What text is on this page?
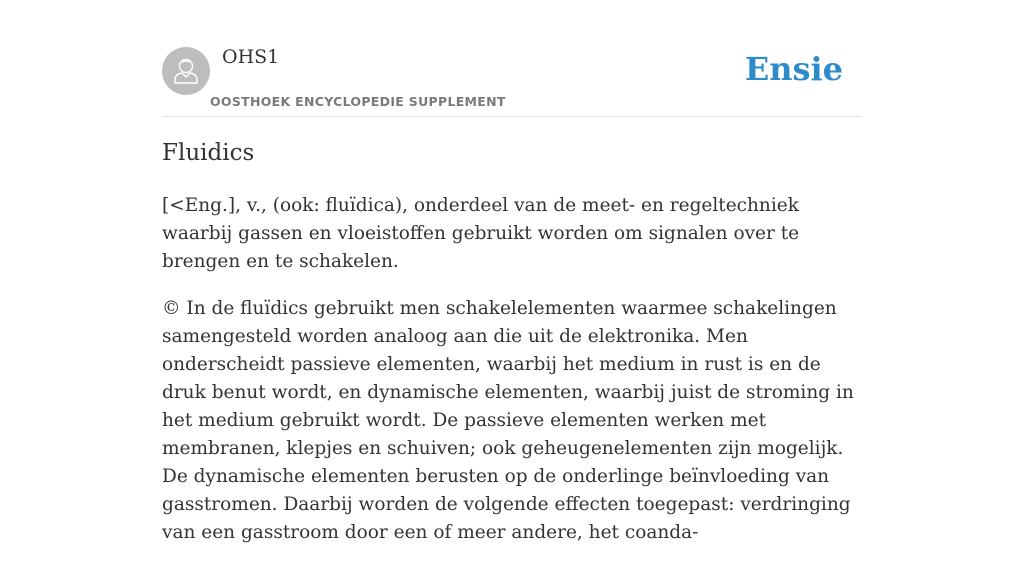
OHS1
OOSTHOEK ENCYCLOPEDIE SUPPLEMENT
Ensie
Fluidics

[<Eng.], v., (ook: fluïdica), onderdeel van de meet- en regeltechniek waarbij gassen en vloeistoffen gebruikt worden om signalen over te brengen en te schakelen.

© In de fluïdics gebruikt men schakelelementen waarmee schakelingen samengesteld worden analoog aan die uit de elektronika. Men onderscheidt passieve elementen, waarbij het medium in rust is en de druk benut wordt, en dynamische elementen, waarbij juist de stroming in het medium gebruikt wordt. De passieve elementen werken met membranen, klepjes en schuiven; ook geheugenelementen zijn mogelijk. De dynamische elementen berusten op de onderlinge beïnvloeding van gasstromen. Daarbij worden de volgende effecten toegepast: verdringing van een gasstroom door een of meer andere, het coanda-
